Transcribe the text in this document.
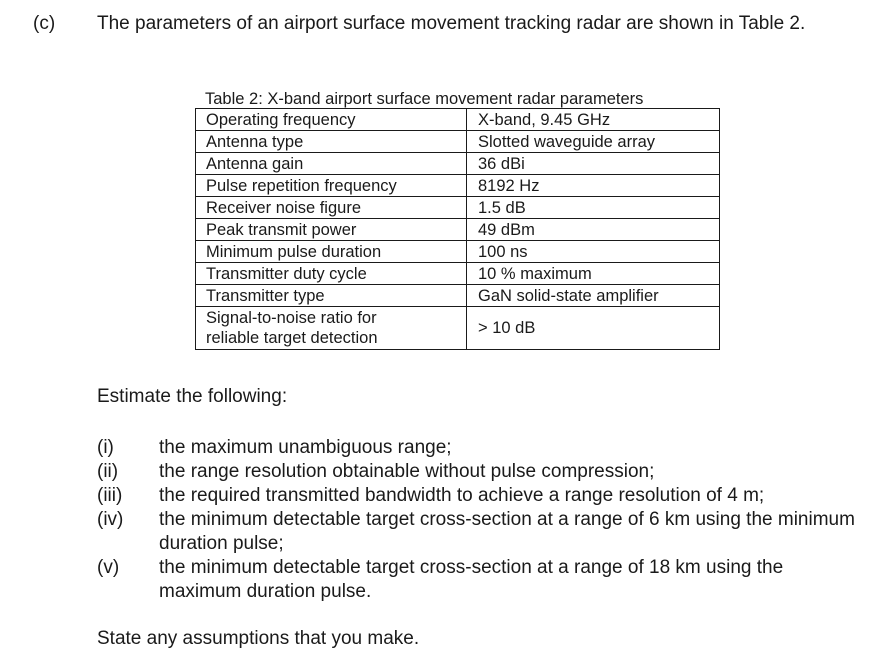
(c) The parameters of an airport surface movement tracking radar are shown in Table 2.
Table 2: X-band airport surface movement radar parameters
Operating frequency	X-band, 9.45 GHz
Antenna type	Slotted waveguide array
Antenna gain	36 dBi
Pulse repetition frequency	8192 Hz
Receiver noise figure	1.5 dB
Peak transmit power	49 dBm
Minimum pulse duration	100 ns
Transmitter duty cycle	10 % maximum
Transmitter type	GaN solid-state amplifier

Signal-to-noise ratio for
reliable target detection	> 10 dB
Estimate the following:
(i)	the maximum unambiguous range;
(ii)	the range resolution obtainable without pulse compression;
(iii)	the required transmitted bandwidth to achieve a range resolution of 4 m;
(iv)	the minimum detectable target cross-section at a range of 6 km using the minimum duration pulse;
(v)	the minimum detectable target cross-section at a range of 18 km using the maximum duration pulse.
State any assumptions that you make.
